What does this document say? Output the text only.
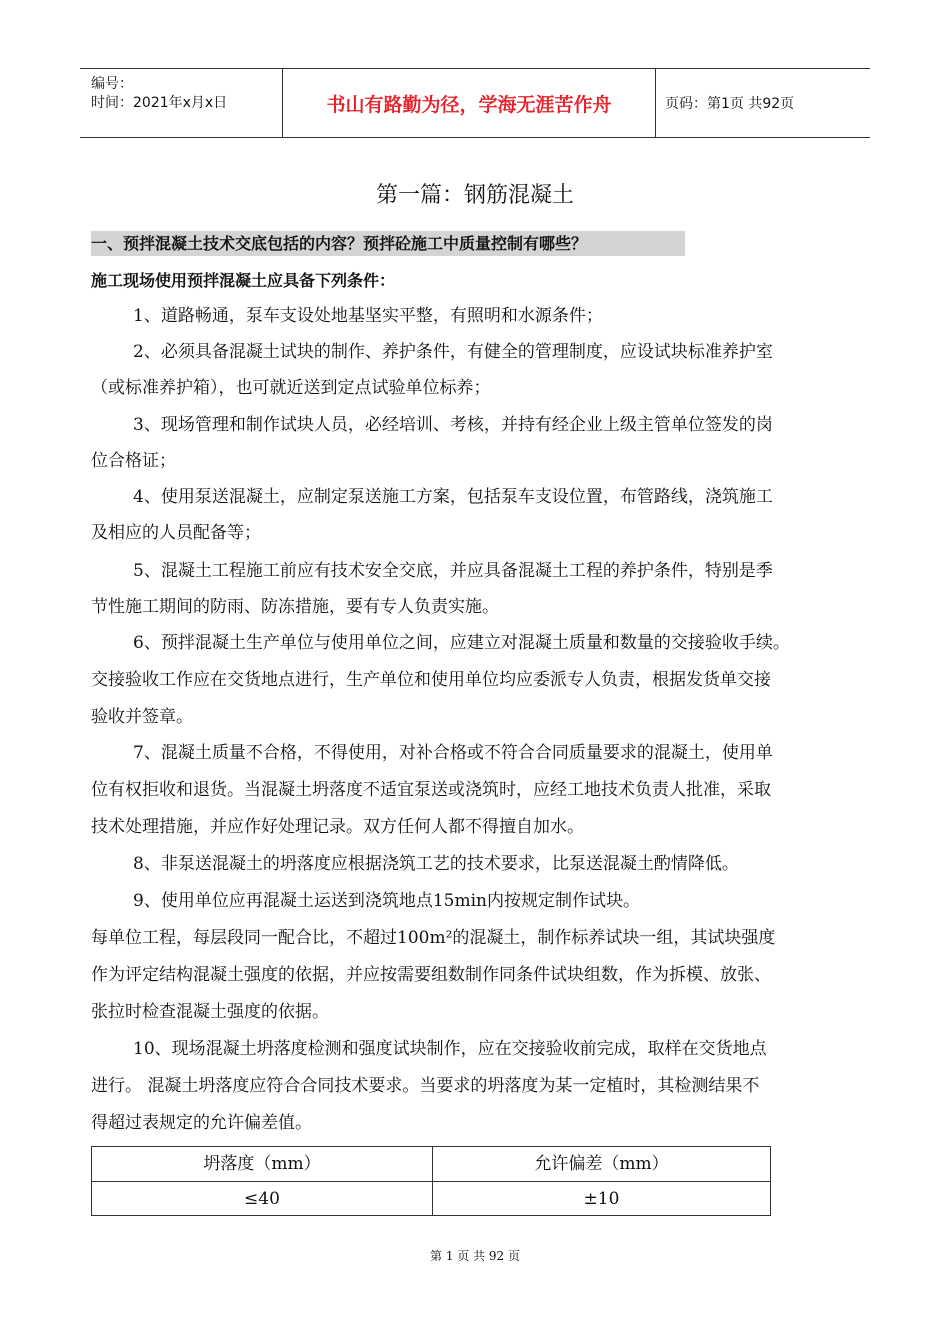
编号：
时间：2021年x月x日	书山有路勤为径，学海无涯苦作舟	页码：第1页 共92页
第一篇：钢筋混凝土
一、预拌混凝土技术交底包括的内容？预拌砼施工中质量控制有哪些？
施工现场使用预拌混凝土应具备下列条件：
1、道路畅通，泵车支设处地基坚实平整，有照明和水源条件；
2、必须具备混凝土试块的制作、养护条件，有健全的管理制度，应设试块标准养护室
（或标准养护箱），也可就近送到定点试验单位标养；
3、现场管理和制作试块人员，必经培训、考核，并持有经企业上级主管单位签发的岗
位合格证；
4、使用泵送混凝土，应制定泵送施工方案，包括泵车支设位置，布管路线，浇筑施工
及相应的人员配备等；
5、混凝土工程施工前应有技术安全交底，并应具备混凝土工程的养护条件，特别是季
节性施工期间的防雨、防冻措施，要有专人负责实施。
6、预拌混凝土生产单位与使用单位之间，应建立对混凝土质量和数量的交接验收手续。
交接验收工作应在交货地点进行，生产单位和使用单位均应委派专人负责，根据发货单交接
验收并签章。
7、混凝土质量不合格，不得使用，对补合格或不符合合同质量要求的混凝土，使用单
位有权拒收和退货。当混凝土坍落度不适宜泵送或浇筑时，应经工地技术负责人批准，采取
技术处理措施，并应作好处理记录。双方任何人都不得擅自加水。
8、非泵送混凝土的坍落度应根据浇筑工艺的技术要求，比泵送混凝土酌情降低。
9、使用单位应再混凝土运送到浇筑地点15min内按规定制作试块。
每单位工程，每层段同一配合比，不超过100m²的混凝土，制作标养试块一组，其试块强度
作为评定结构混凝土强度的依据，并应按需要组数制作同条件试块组数，作为拆模、放张、
张拉时检查混凝土强度的依据。
10、现场混凝土坍落度检测和强度试块制作，应在交接验收前完成，取样在交货地点
进行。 混凝土坍落度应符合合同技术要求。当要求的坍落度为某一定植时，其检测结果不
得超过表规定的允许偏差值。
坍落度（mm）	允许偏差（mm）
≤40	±10
第 1 页 共 92 页
